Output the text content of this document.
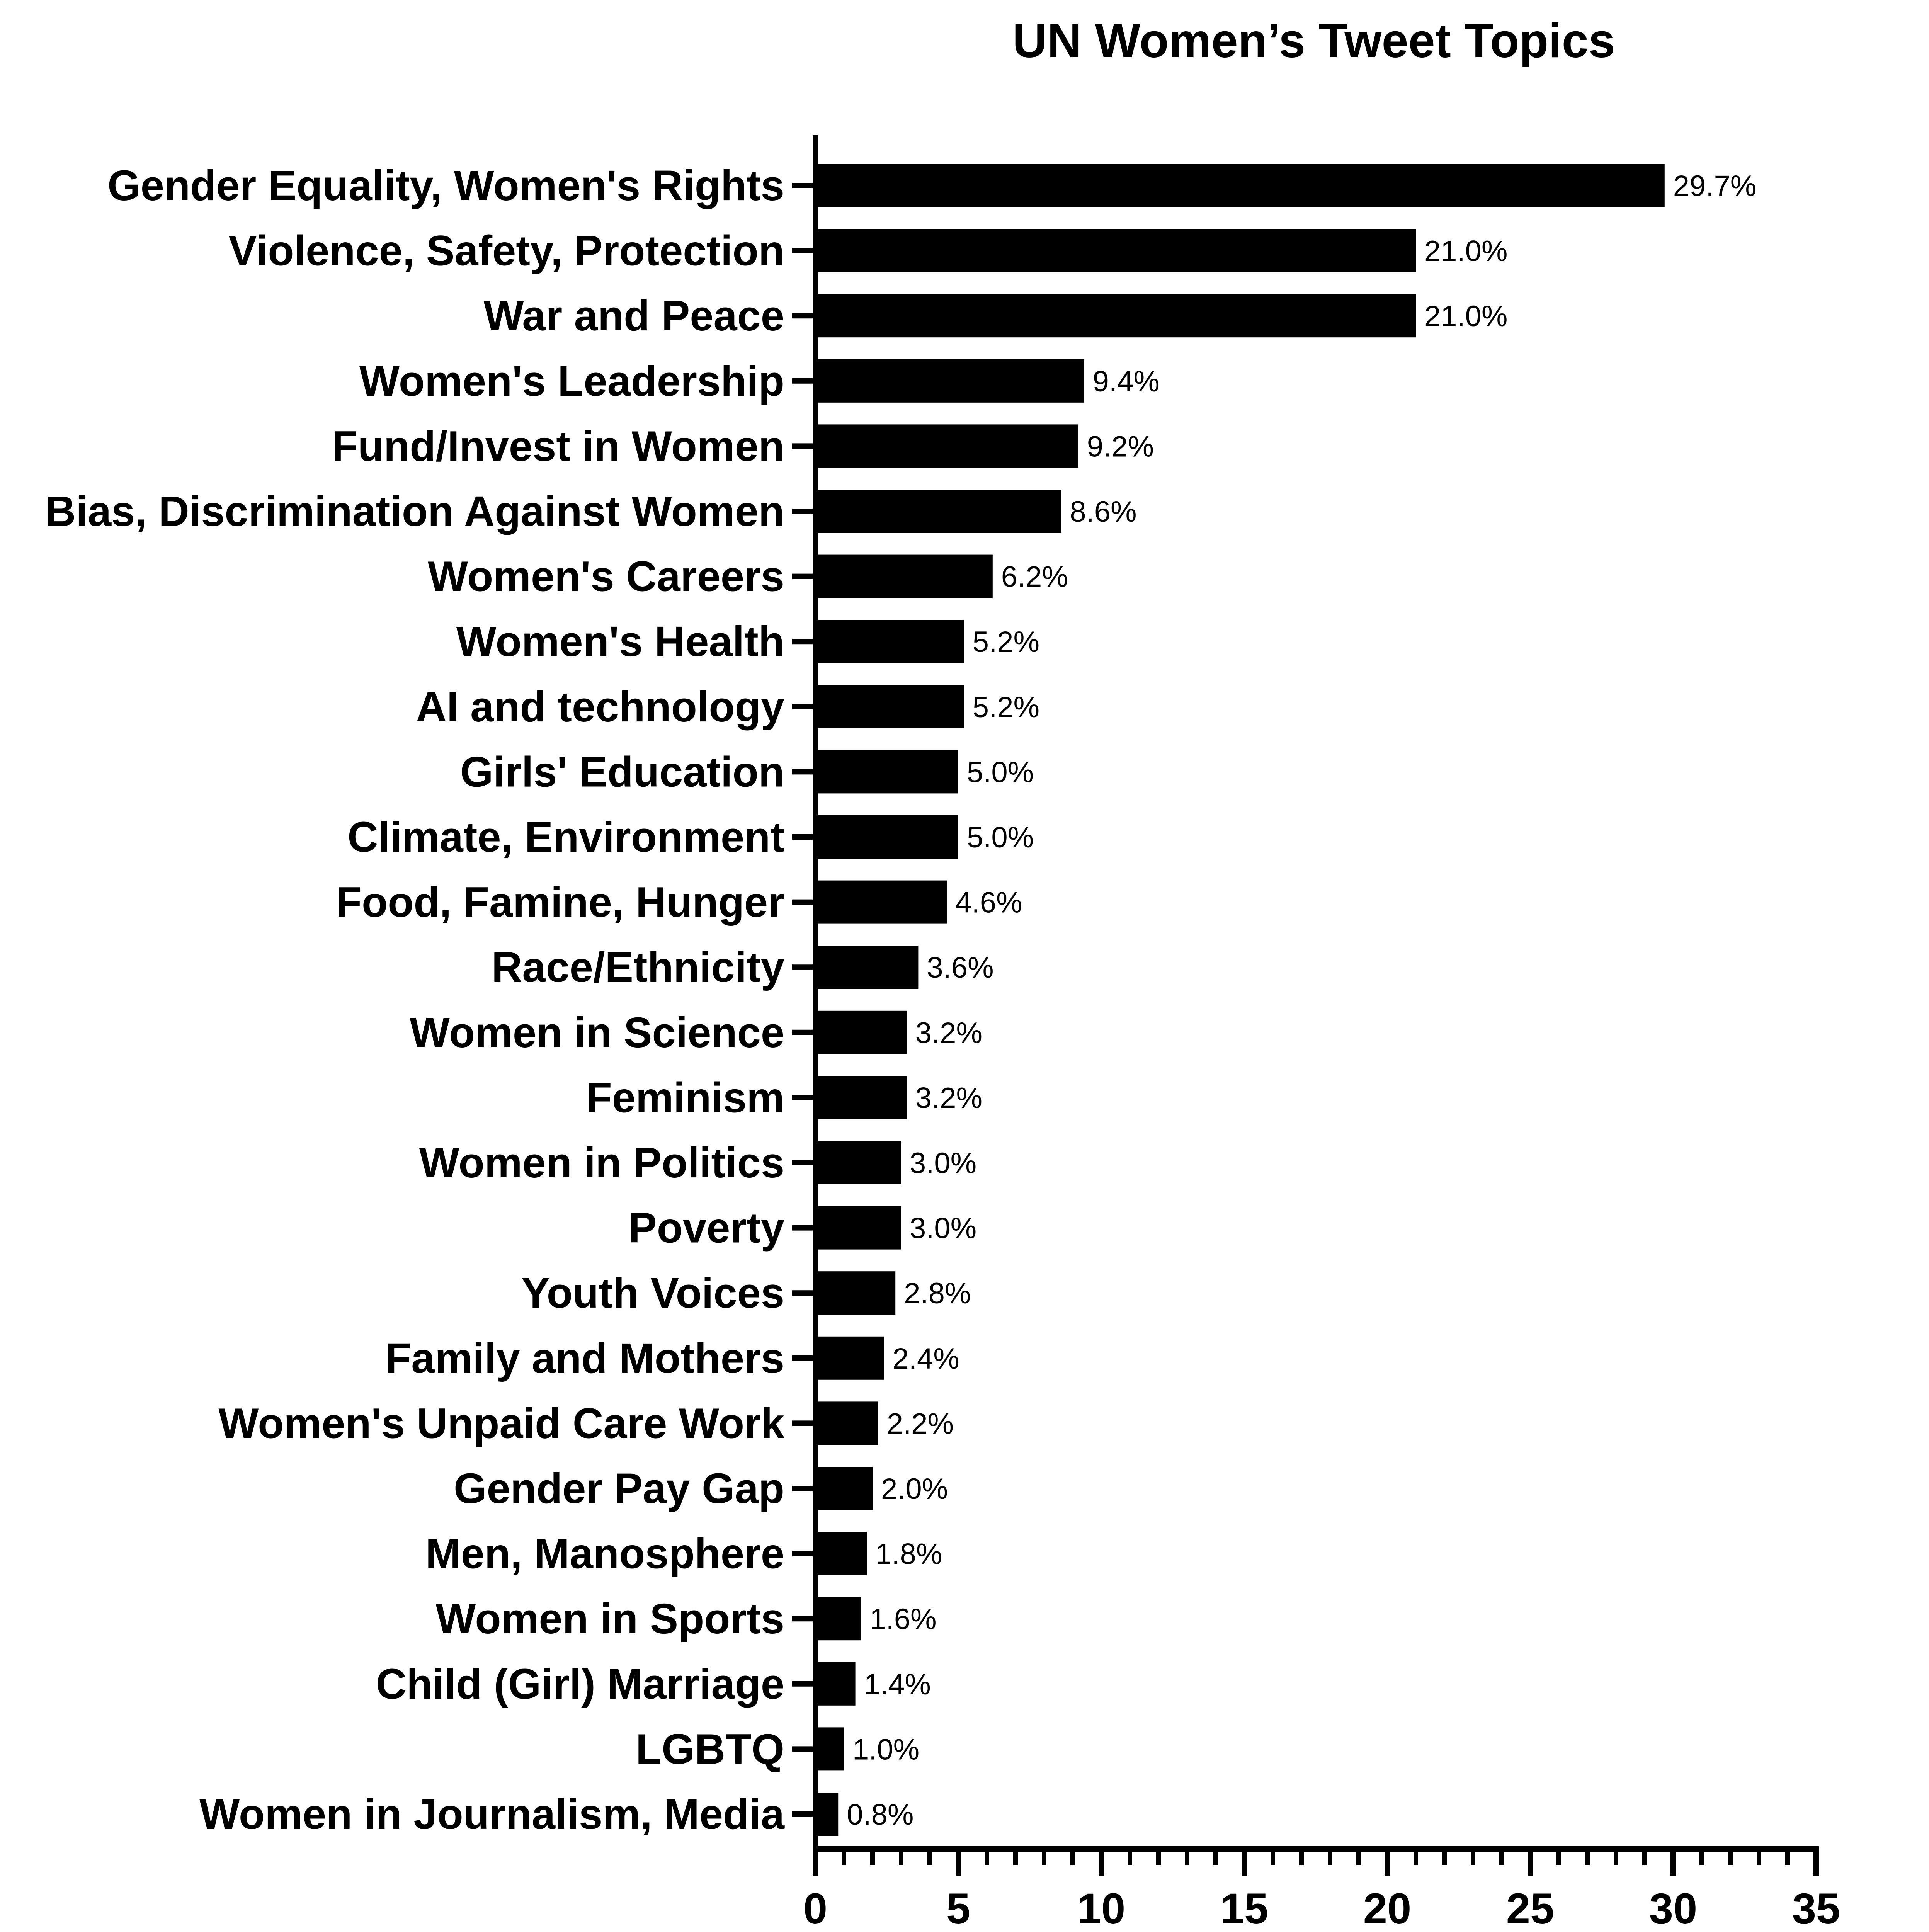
UN Women’s Tweet Topics
29.7%
21.0%
21.0%
9.4%
9.2%
8.6%
6.2%
5.2%
5.2%
5.0%
5.0%
4.6%
3.6%
3.2%
3.2%
3.0%
3.0%
2.8%
2.4%
2.2%
2.0%
1.8%
1.6%
1.4%
1.0%
0.8%
Gender Equality, Women's Rights
Violence, Safety, Protection
War and Peace
Women's Leadership
Fund/Invest in Women
Bias, Discrimination Against Women
Women's Careers
Women's Health
AI and technology
Girls' Education
Climate, Environment
Food, Famine, Hunger
Race/Ethnicity
Women in Science
Feminism
Women in Politics
Poverty
Youth Voices
Family and Mothers
Women's Unpaid Care Work
Gender Pay Gap
Men, Manosphere
Women in Sports
Child (Girl) Marriage
LGBTQ
Women in Journalism, Media
0	5 10 15 20 25 30 35
